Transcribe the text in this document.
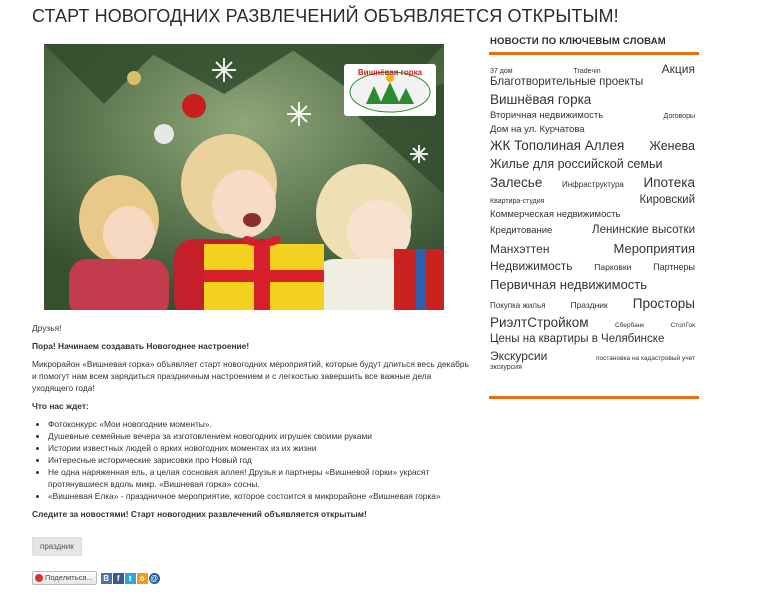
СТАРТ НОВОГОДНИХ РАЗВЛЕЧЕНИЙ ОБЪЯВЛЯЕТСЯ ОТКРЫТЫМ!
Вишнёвая горка

Друзья!

Пора! Начинаем создавать Новогоднее настроение!

Микрорайон «Вишневая горка» объявляет старт новогодних мероприятий, которые будут длиться весь декабрь и помогут нам всем зарядиться праздничным настроением и с легкостью завершить все важные дела уходящего года!

Что нас ждет:

• Фотоконкурс «Мои новогодние моменты».
• Душевные семейные вечера за изготовлением новогодних игрушек своими руками
• Истории известных людей о ярких новогодних моментах из их жизни
• Интересные исторические зарисовки про Новый год
• Не одна наряженная ель, а целая сосновая аллея! Друзья и партнеры «Вишневой горки» украсят протянувшиеся вдоль микр. «Вишневая горка» сосны.
• «Вишневая Елка» - праздничное мероприятие, которое состоится в микрорайоне «Вишневая горка»

Следите за новостями! Старт новогодних развлечений объявляется открытым!

праздник
Поделиться...	B f	t	o @
НОВОСТИ ПО КЛЮЧЕВЫМ СЛОВАМ
37 дом	Tradeчin	Акция
Благотворительные проекты
Вишнёвая горка
Вторичная недвижимость	Договоры
Дом на ул. Курчатова
ЖК Тополиная Аллея Женева
Жилье для российской семьи
Залесье Инфраструктура Ипотека
Квартира-студия	Кировский
Коммерческая недвижимость
Кредитование	Ленинские высотки
Манхэттен	Мероприятия
Недвижимость	Парковки Партнеры
Первичная недвижимость
Покупка жилья	Праздник Просторы
РиэлтСтройком	Сбербанк	СтолГок
Цены на квартиры в Челябинске
Экскурсии	постановка на кадастровый учет
экскурсия
